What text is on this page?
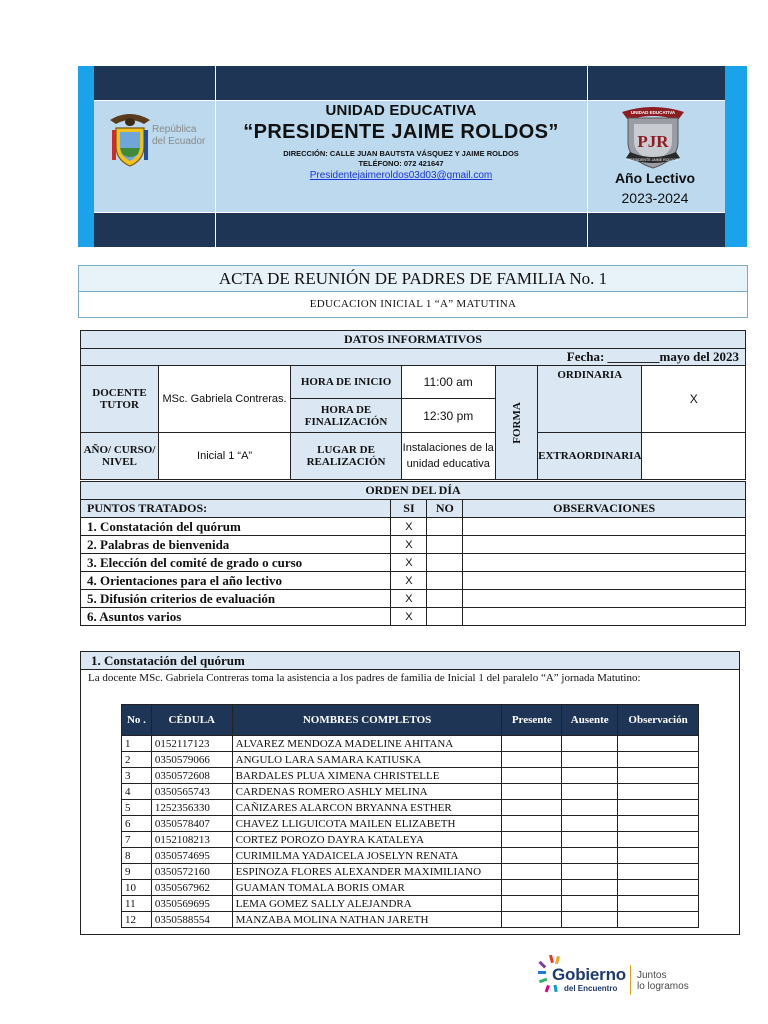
República
del Ecuador
UNIDAD EDUCATIVA
“PRESIDENTE JAIME ROLDOS”
DIRECCIÓN: CALLE JUAN BAUTSTA VÁSQUEZ Y JAIME ROLDOS
TELÉFONO: 072 421647
Presidentejaimeroldos03d03@gmail.com
UNIDAD EDUCATIVA
PJR
PRESIDENTE JAIME ROLDOS
Año Lectivo
2023-2024
ACTA DE REUNIÓN DE PADRES DE FAMILIA No. 1
EDUCACION INICIAL 1 “A” MATUTINA
DATOS INFORMATIVOS						
Fecha: ________mayo del 2023						
DOCENTE TUTOR	MSc. Gabriela Contreras.	HORA DE INICIO	11:00 am	FORMA	ORDINARIA	X
		HORA DE FINALIZACIÓN	12:30 pm			
AÑO/ CURSO/ NIVEL	Inicial 1 “A”	LUGAR DE REALIZACIÓN	Instalaciones de la unidad educativa		EXTRAORDINARIA	
ORDEN DEL DÍA			
PUNTOS TRATADOS:	SI	NO	OBSERVACIONES
1. Constatación del quórum	X		
2. Palabras de bienvenida	X		
3. Elección del comité de grado o curso	X		
4. Orientaciones para el año lectivo	X		
5. Difusión criterios de evaluación	X		
6. Asuntos varios	X		
1. Constatación del quórum
La docente MSc. Gabriela Contreras toma la asistencia a los padres de familia de Inicial 1 del paralelo “A” jornada Matutino:
No .	CÉDULA	NOMBRES COMPLETOS	Presente	Ausente	Observación
1	0152117123	ALVAREZ MENDOZA MADELINE AHITANA			
2	0350579066	ANGULO LARA SAMARA KATIUSKA			
3	0350572608	BARDALES PLUA XIMENA CHRISTELLE			
4	0350565743	CARDENAS ROMERO ASHLY MELINA			
5	1252356330	CAÑIZARES ALARCON BRYANNA ESTHER			
6	0350578407	CHAVEZ LLIGUICOTA MAILEN ELIZABETH			
7	0152108213	CORTEZ POROZO DAYRA KATALEYA			
8	0350574695	CURIMILMA YADAICELA JOSELYN RENATA			
9	0350572160	ESPINOZA FLORES ALEXANDER MAXIMILIANO			
10	0350567962	GUAMAN TOMALA BORIS OMAR			
11	0350569695	LEMA GOMEZ SALLY ALEJANDRA			
12	0350588554	MANZABA MOLINA NATHAN JARETH			
Gobierno
del Encuentro
Juntos
lo logramos
